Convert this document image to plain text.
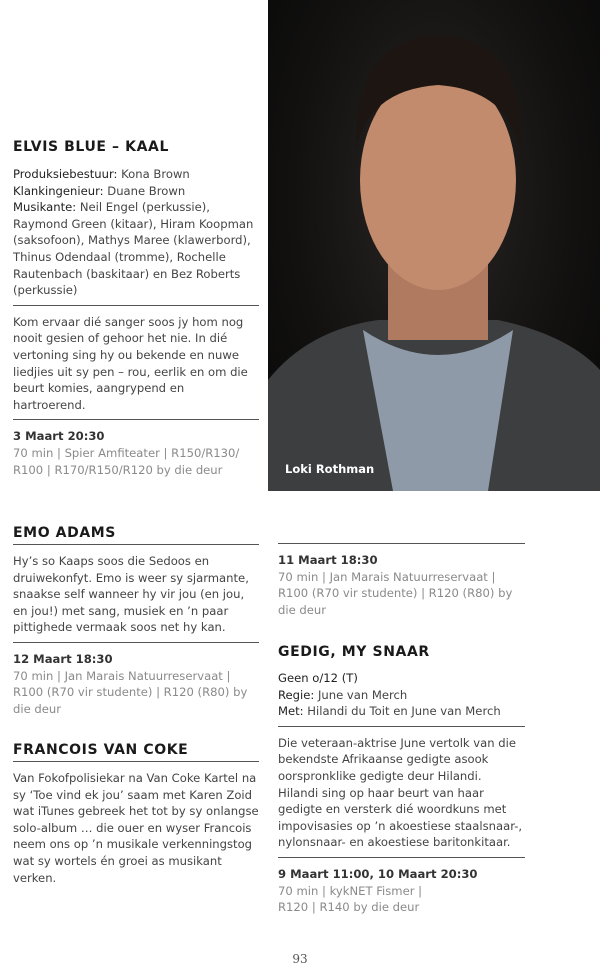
Loki Rothman
ELVIS BLUE – KAAL

Produksiebestuur: Kona Brown
Klankingenieur: Duane Brown
Musikante: Neil Engel (perkussie), Raymond Green (kitaar), Hiram Koopman (saksofoon), Mathys Maree (klawerbord), Thinus Odendaal (tromme), Rochelle Rautenbach (baskitaar) en Bez Roberts (perkussie)

Kom ervaar dié sanger soos jy hom nog nooit gesien of gehoor het nie. In dié vertoning sing hy ou bekende en nuwe liedjies uit sy pen – rou, eerlik en om die beurt komies, aangrypend en hartroerend.

3 Maart 20:30
70 min | Spier Amfiteater | R150/R130/ R100 | R170/R150/R120 by die deur
EMO ADAMS

Hy’s so Kaaps soos die Sedoos en druiwekonfyt. Emo is weer sy sjarmante, snaakse self wanneer hy vir jou (en jou, en jou!) met sang, musiek en ’n paar pittighede vermaak soos net hy kan.

12 Maart 18:30
70 min | Jan Marais Natuurreservaat | R100 (R70 vir studente) | R120 (R80) by die deur
FRANCOIS VAN COKE

Van Fokofpolisiekar na Van Coke Kartel na sy ‘Toe vind ek jou’ saam met Karen Zoid wat iTunes gebreek het tot by sy onlangse solo-album … die ouer en wyser Francois neem ons op ’n musikale verkenningstog wat sy wortels én groei as musikant verken.

11 Maart 18:30
70 min | Jan Marais Natuurreservaat | R100 (R70 vir studente) | R120 (R80) by die deur
GEDIG, MY SNAAR

Geen o/12 (T)
Regie: June van Merch
Met: Hilandi du Toit en June van Merch

Die veteraan-aktrise June vertolk van die bekendste Afrikaanse gedigte asook oorspronklike gedigte deur Hilandi. Hilandi sing op haar beurt van haar gedigte en versterk dié woordkuns met impovisasies op ’n akoestiese staalsnaar-, nylonsnaar- en akoestiese baritonkitaar.

9 Maart 11:00, 10 Maart 20:30
70 min | kykNET Fismer | R120 | R140 by die deur
93
